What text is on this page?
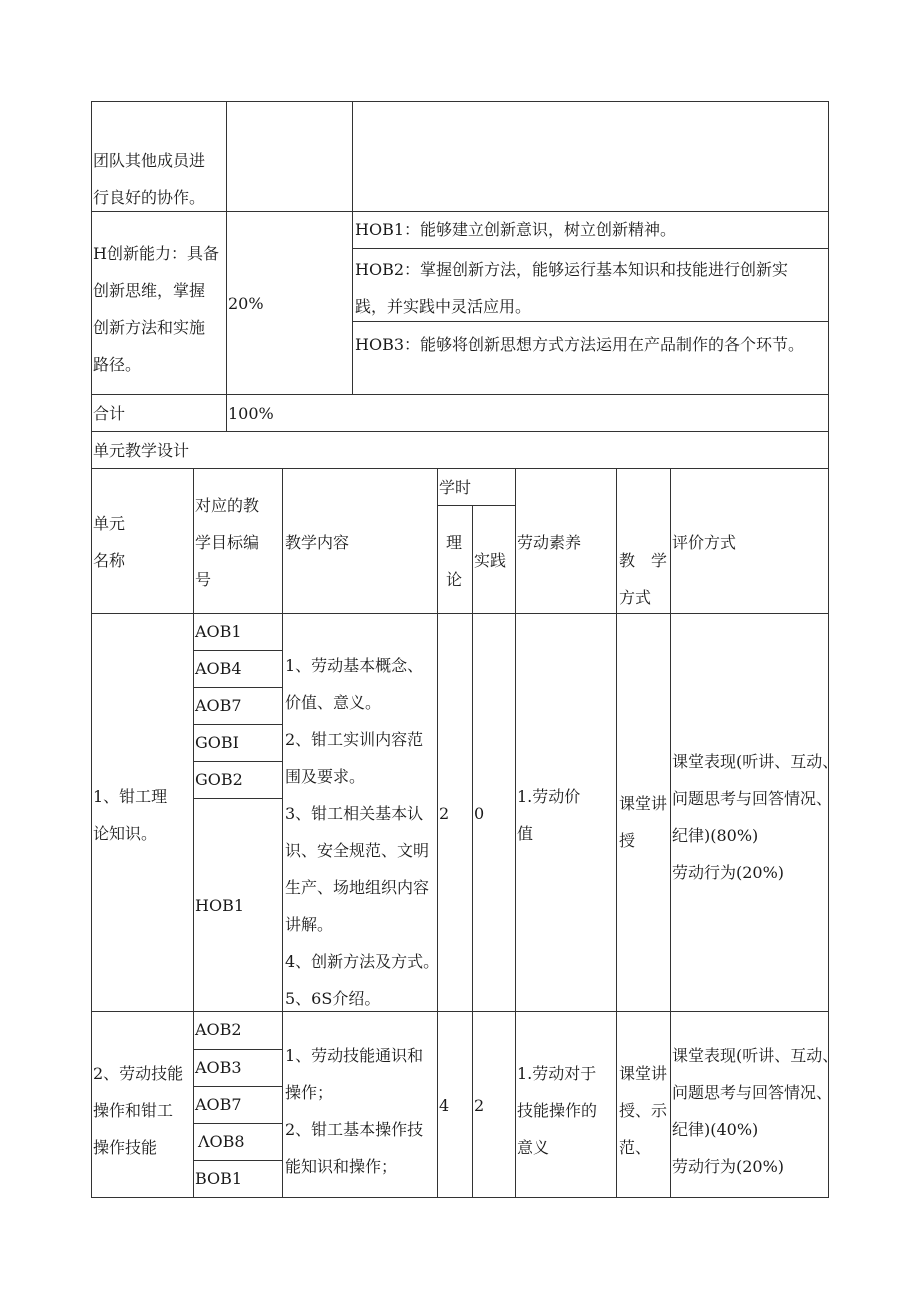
团队其他成员进
行良好的协作。
H创新能力：具备
创新思维，掌握
创新方法和实施
路径。
20%
HOB1：能够建立创新意识，树立创新精神。
HOB2：掌握创新方法，能够运行基本知识和技能进行创新实
践，并实践中灵活应用。
HOB3：能够将创新思想方式方法运用在产品制作的各个环节。
合计	100%
单元教学设计
单元
名称
对应的教
学目标编
号
教学内容
学时
理
论
实践
劳动素养
教　学
方式
评价方式
1、钳工理
论知识。
AOB1
AOB4
AOB7
GOBI
GOB2
HOB1
1、劳动基本概念、
价值、意义。
2、钳工实训内容范
围及要求。
3、钳工相关基本认
识、安全规范、文明
生产、场地组织内容
讲解。
4、创新方法及方式。
5、6S介绍。
2 0
1.劳动价
值
课堂讲
授
课堂表现(听讲、互动、
问题思考与回答情况、
纪律)(80%)
劳动行为(20%)
2、劳动技能
操作和钳工
操作技能
AOB2
AOB3
AOB7
ΛOB8
BOB1
1、劳动技能通识和
操作；
2、钳工基本操作技
能知识和操作；
4 2
1.劳动对于
技能操作的
意义
课堂讲
授、示
范、
课堂表现(听讲、互动、
问题思考与回答情况、
纪律)(40%)
劳动行为(20%)
